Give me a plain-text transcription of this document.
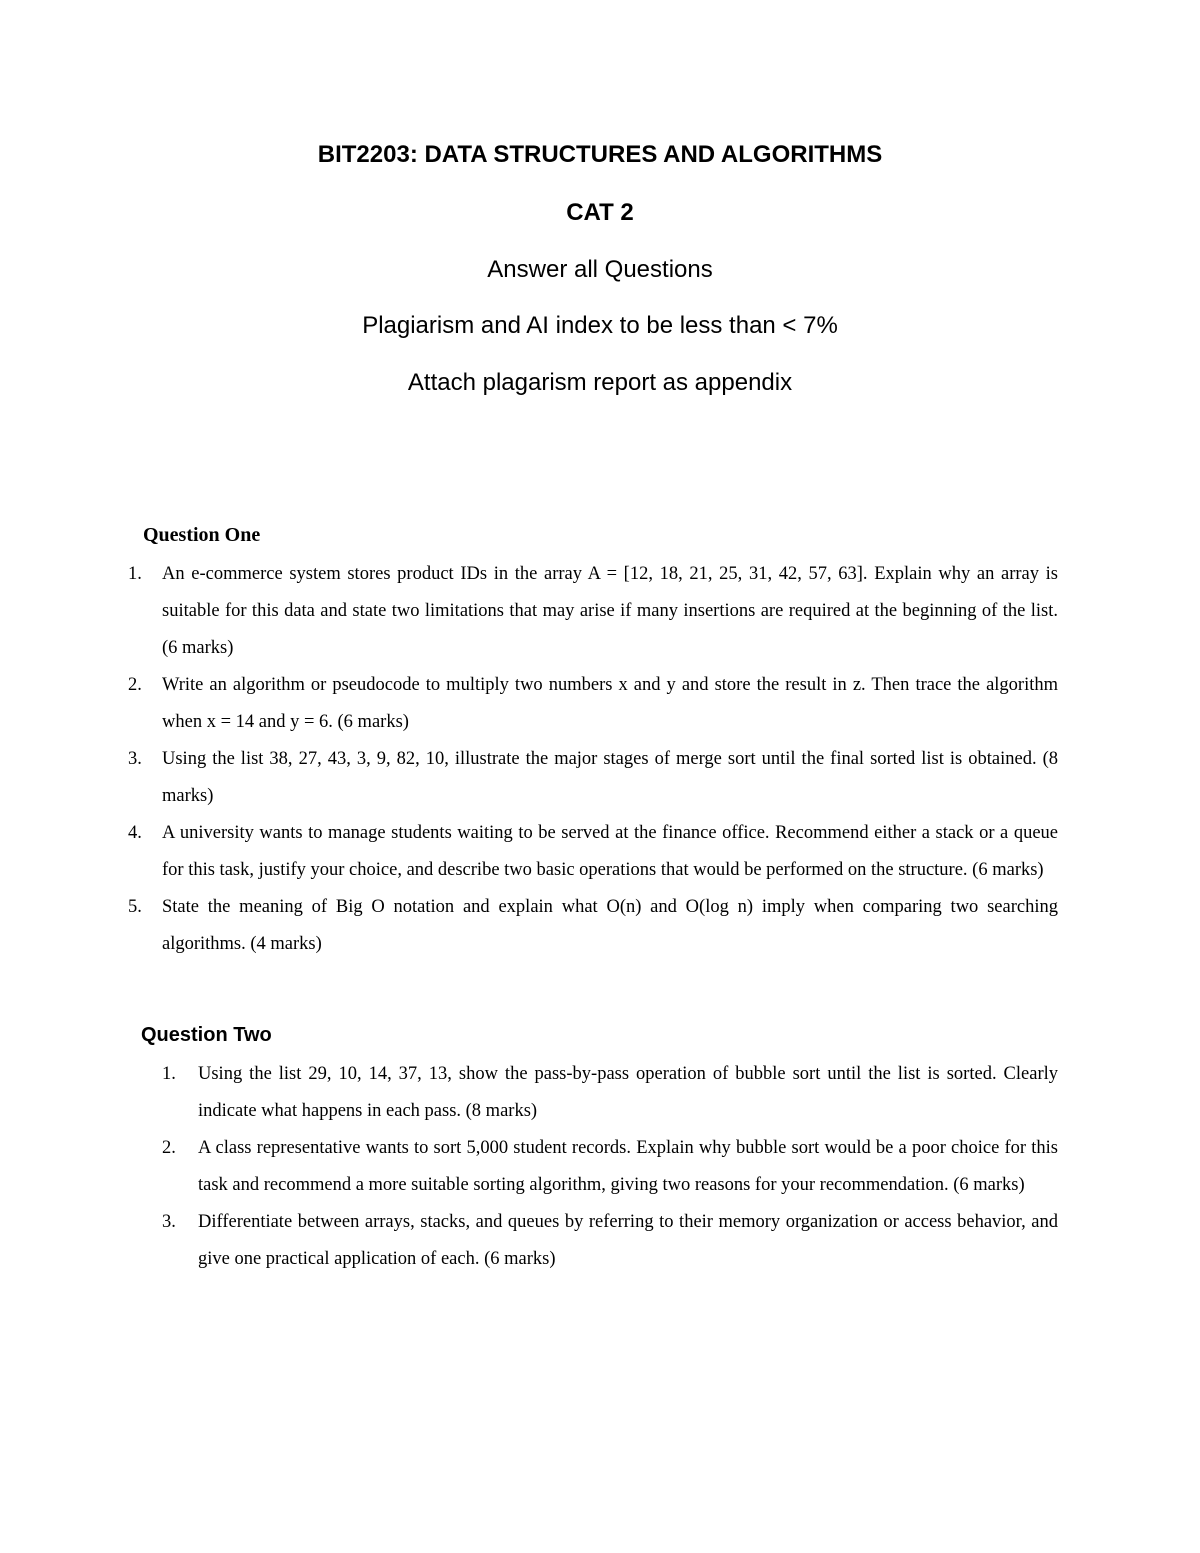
BIT2203: DATA STRUCTURES AND ALGORITHMS

CAT 2

Answer all Questions

Plagiarism and AI index to be less than < 7%

Attach plagarism report as appendix

Question One

1. An e-commerce system stores product IDs in the array A = [12, 18, 21, 25, 31, 42, 57, 63]. Explain why an array is suitable for this data and state two limitations that may arise if many insertions are required at the beginning of the list. (6 marks)
2. Write an algorithm or pseudocode to multiply two numbers x and y and store the result in z. Then trace the algorithm when x = 14 and y = 6. (6 marks)
3. Using the list 38, 27, 43, 3, 9, 82, 10, illustrate the major stages of merge sort until the final sorted list is obtained. (8 marks)
4. A university wants to manage students waiting to be served at the finance office. Recommend either a stack or a queue for this task, justify your choice, and describe two basic operations that would be performed on the structure. (6 marks)
5. State the meaning of Big O notation and explain what O(n) and O(log n) imply when comparing two searching algorithms. (4 marks)

Question Two

1. Using the list 29, 10, 14, 37, 13, show the pass-by-pass operation of bubble sort until the list is sorted. Clearly indicate what happens in each pass. (8 marks)
2. A class representative wants to sort 5,000 student records. Explain why bubble sort would be a poor choice for this task and recommend a more suitable sorting algorithm, giving two reasons for your recommendation. (6 marks)
3. Differentiate between arrays, stacks, and queues by referring to their memory organization or access behavior, and give one practical application of each. (6 marks)
